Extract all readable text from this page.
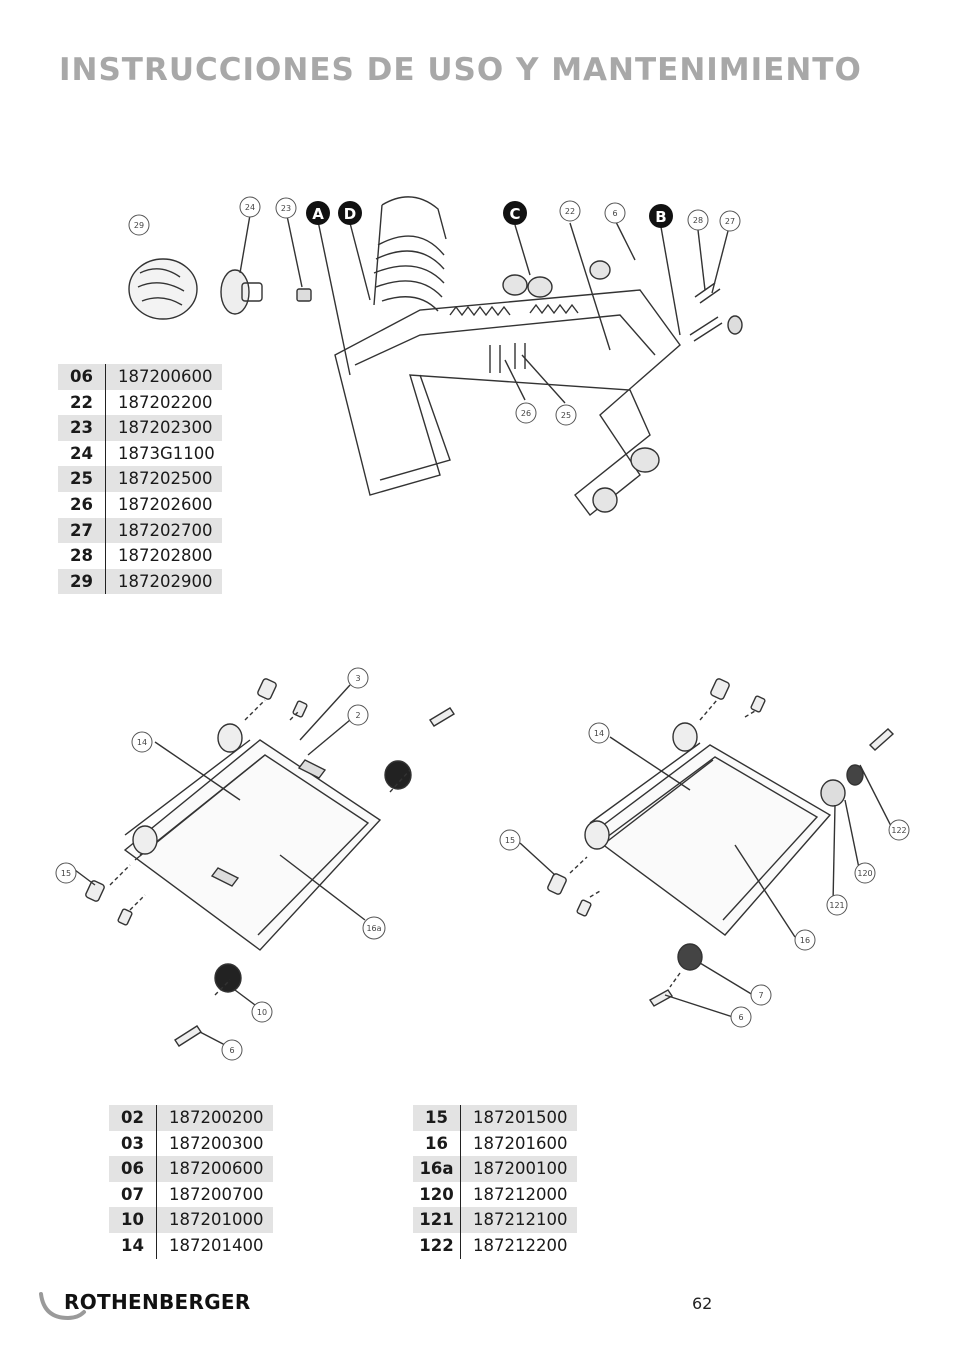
INSTRUCCIONES DE USO Y MANTENIMIENTO
A D	C	B
29
24	23	22	6
28	27
26	25
06	187200600
22	187202200
23	187202300
24	1873G1100
25	187202500
26	187202600
27	187202700
28	187202800
29	187202900
3
2
14
15
16a
10
6
14
15
16
122
120
121
7
6
02	187200200
03	187200300
06	187200600
07	187200700
10	187201000
14	187201400
15	187201500
16	187201600
16a	187200100
120	187212000
121	187212100
122	187212200
ROTHENBERGER	62
